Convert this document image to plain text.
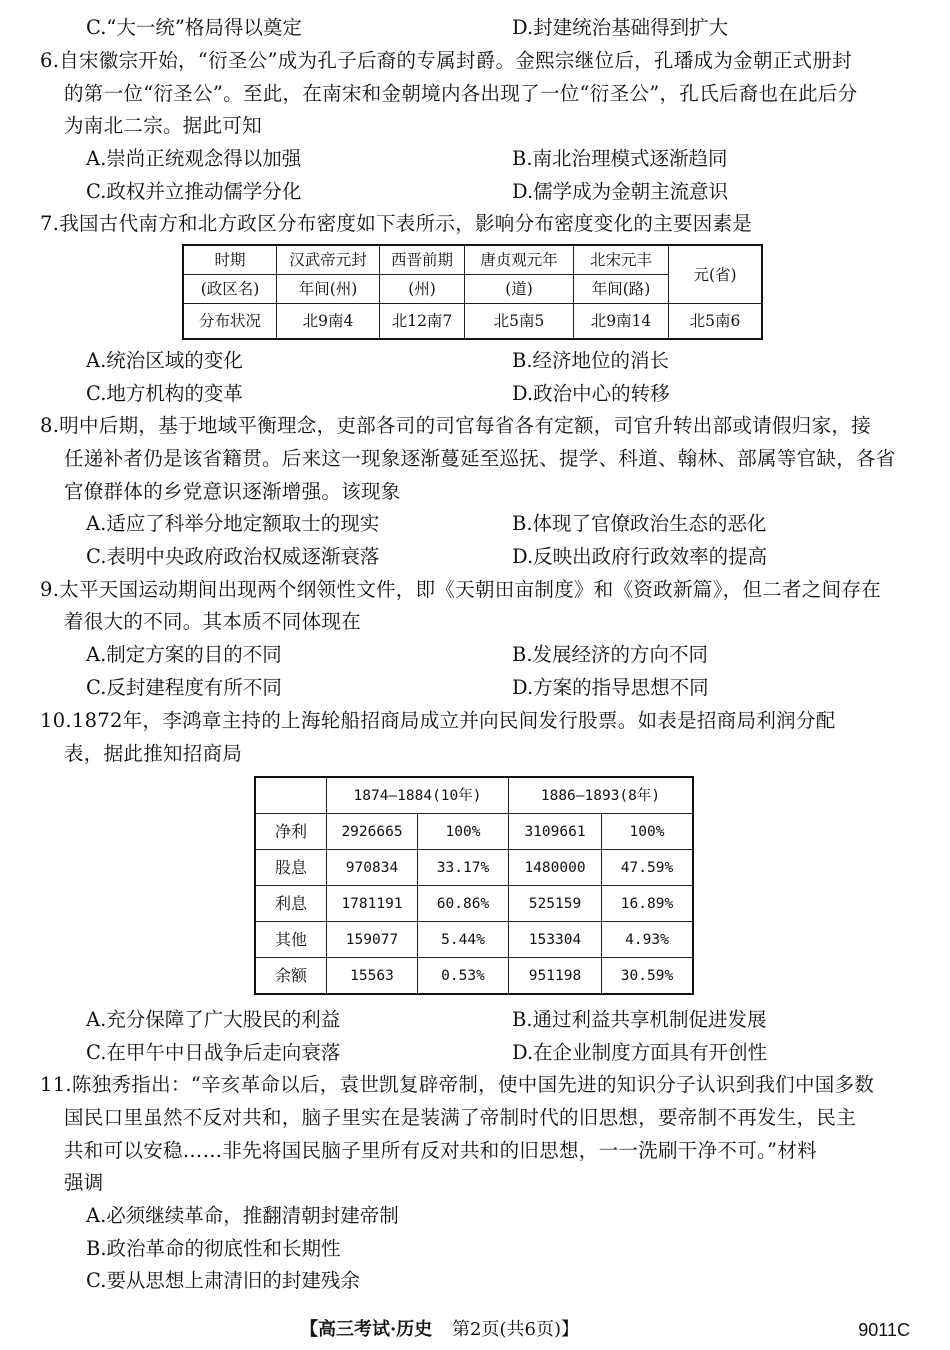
C.“大一统”格局得以奠定	D.封建统治基础得到扩大
6.自宋徽宗开始，“衍圣公”成为孔子后裔的专属封爵。金熙宗继位后，孔璠成为金朝正式册封
的第一位“衍圣公”。至此，在南宋和金朝境内各出现了一位“衍圣公”，孔氏后裔也在此后分
为南北二宗。据此可知
A.崇尚正统观念得以加强	B.南北治理模式逐渐趋同
C.政权并立推动儒学分化	D.儒学成为金朝主流意识
7.我国古代南方和北方政区分布密度如下表所示，影响分布密度变化的主要因素是
时期	汉武帝元封	西晋前期	唐贞观元年	北宋元丰	元(省)
(政区名)	年间(州)	(州)	(道)	年间(路)	
分布状况	北9南4	北12南7	北5南5	北9南14	北5南6
A.统治区域的变化	B.经济地位的消长
C.地方机构的变革	D.政治中心的转移
8.明中后期，基于地域平衡理念，吏部各司的司官每省各有定额，司官升转出部或请假归家，接
任递补者仍是该省籍贯。后来这一现象逐渐蔓延至巡抚、提学、科道、翰林、部属等官缺，各省
官僚群体的乡党意识逐渐增强。该现象
A.适应了科举分地定额取士的现实	B.体现了官僚政治生态的恶化
C.表明中央政府政治权威逐渐衰落	D.反映出政府行政效率的提高
9.太平天国运动期间出现两个纲领性文件，即《天朝田亩制度》和《资政新篇》，但二者之间存在
着很大的不同。其本质不同体现在
A.制定方案的目的不同	B.发展经济的方向不同
C.反封建程度有所不同	D.方案的指导思想不同
10.1872年，李鸿章主持的上海轮船招商局成立并向民间发行股票。如表是招商局利润分配
表，据此推知招商局
	1874—1884(10年)		1886—1893(8年)	
净利	2926665	100%	3109661	100%
股息	970834	33.17%	1480000	47.59%
利息	1781191	60.86%	525159	16.89%
其他	159077	5.44%	153304	4.93%
余额	15563	0.53%	951198	30.59%
A.充分保障了广大股民的利益	B.通过利益共享机制促进发展
C.在甲午中日战争后走向衰落	D.在企业制度方面具有开创性
11.陈独秀指出：“辛亥革命以后，袁世凯复辟帝制，使中国先进的知识分子认识到我们中国多数
国民口里虽然不反对共和，脑子里实在是装满了帝制时代的旧思想，要帝制不再发生，民主
共和可以安稳……非先将国民脑子里所有反对共和的旧思想，一一洗刷干净不可。”材料
强调
A.必须继续革命，推翻清朝封建帝制
B.政治革命的彻底性和长期性
C.要从思想上肃清旧的封建残余
【高三考试·历史 第2页(共6页)】	9011C
